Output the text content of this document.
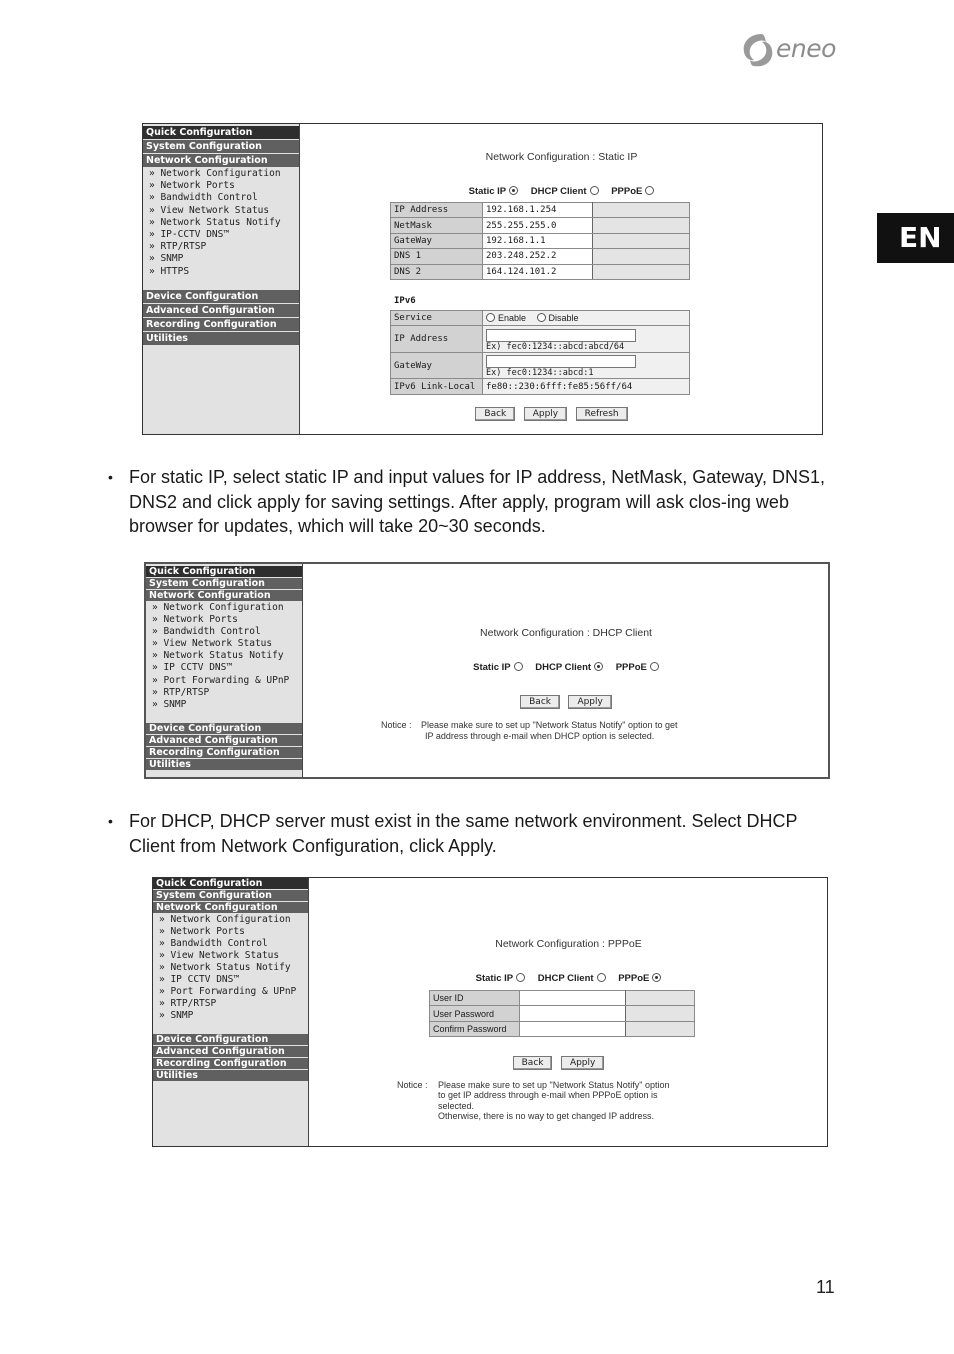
eneo
EN
Quick Configuration
System Configuration
Network Configuration
» Network Configuration
» Network Ports
» Bandwidth Control
» View Network Status
» Network Status Notify
» IP-CCTV DNS™
» RTP/RTSP
» SNMP
» HTTPS
Device Configuration
Advanced Configuration
Recording Configuration
Utilities
Network Configuration : Static IP
Static IP	DHCP Client	PPPoE
IP Address	192.168.1.254	
NetMask	255.255.255.0	
GateWay	192.168.1.1	
DNS 1	203.248.252.2	
DNS 2	164.124.101.2	
IPv6
Service	Enable Disable
IP Address	Ex) fec0:1234::abcd:abcd/64

GateWay	Ex) fec0:1234::abcd:1

IPv6 Link-Local	fe80::230:6fff:fe85:56ff/64
Back	Apply	Refresh
• For static IP, select static IP and input values for IP address, NetMask, Gateway, DNS1, DNS2 and click apply for saving settings. After apply, program will ask clos-ing web browser for updates, which will take 20~30 seconds.
Quick Configuration
System Configuration
Network Configuration
» Network Configuration
» Network Ports
» Bandwidth Control
» View Network Status
» Network Status Notify
» IP CCTV DNS™
» Port Forwarding & UPnP
» RTP/RTSP
» SNMP
Device Configuration
Advanced Configuration
Recording Configuration
Utilities
Network Configuration : DHCP Client
Static IP	DHCP Client	PPPoE
Back	Apply
Notice : Please make sure to set up "Network Status Notify" option to get
IP address through e-mail when DHCP option is selected.
• For DHCP, DHCP server must exist in the same network environment. Select DHCP Client from Network Configuration, click Apply.
Quick Configuration
System Configuration
Network Configuration
» Network Configuration
» Network Ports
» Bandwidth Control
» View Network Status
» Network Status Notify
» IP CCTV DNS™
» Port Forwarding & UPnP
» RTP/RTSP
» SNMP
Device Configuration
Advanced Configuration
Recording Configuration
Utilities
Network Configuration : PPPoE
Static IP	DHCP Client	PPPoE
User ID		
User Password		
Confirm Password		
Back	Apply
Notice : Please make sure to set up "Network Status Notify" option
to get IP address through e-mail when PPPoE option is
selected.
Otherwise, there is no way to get changed IP address.
11
